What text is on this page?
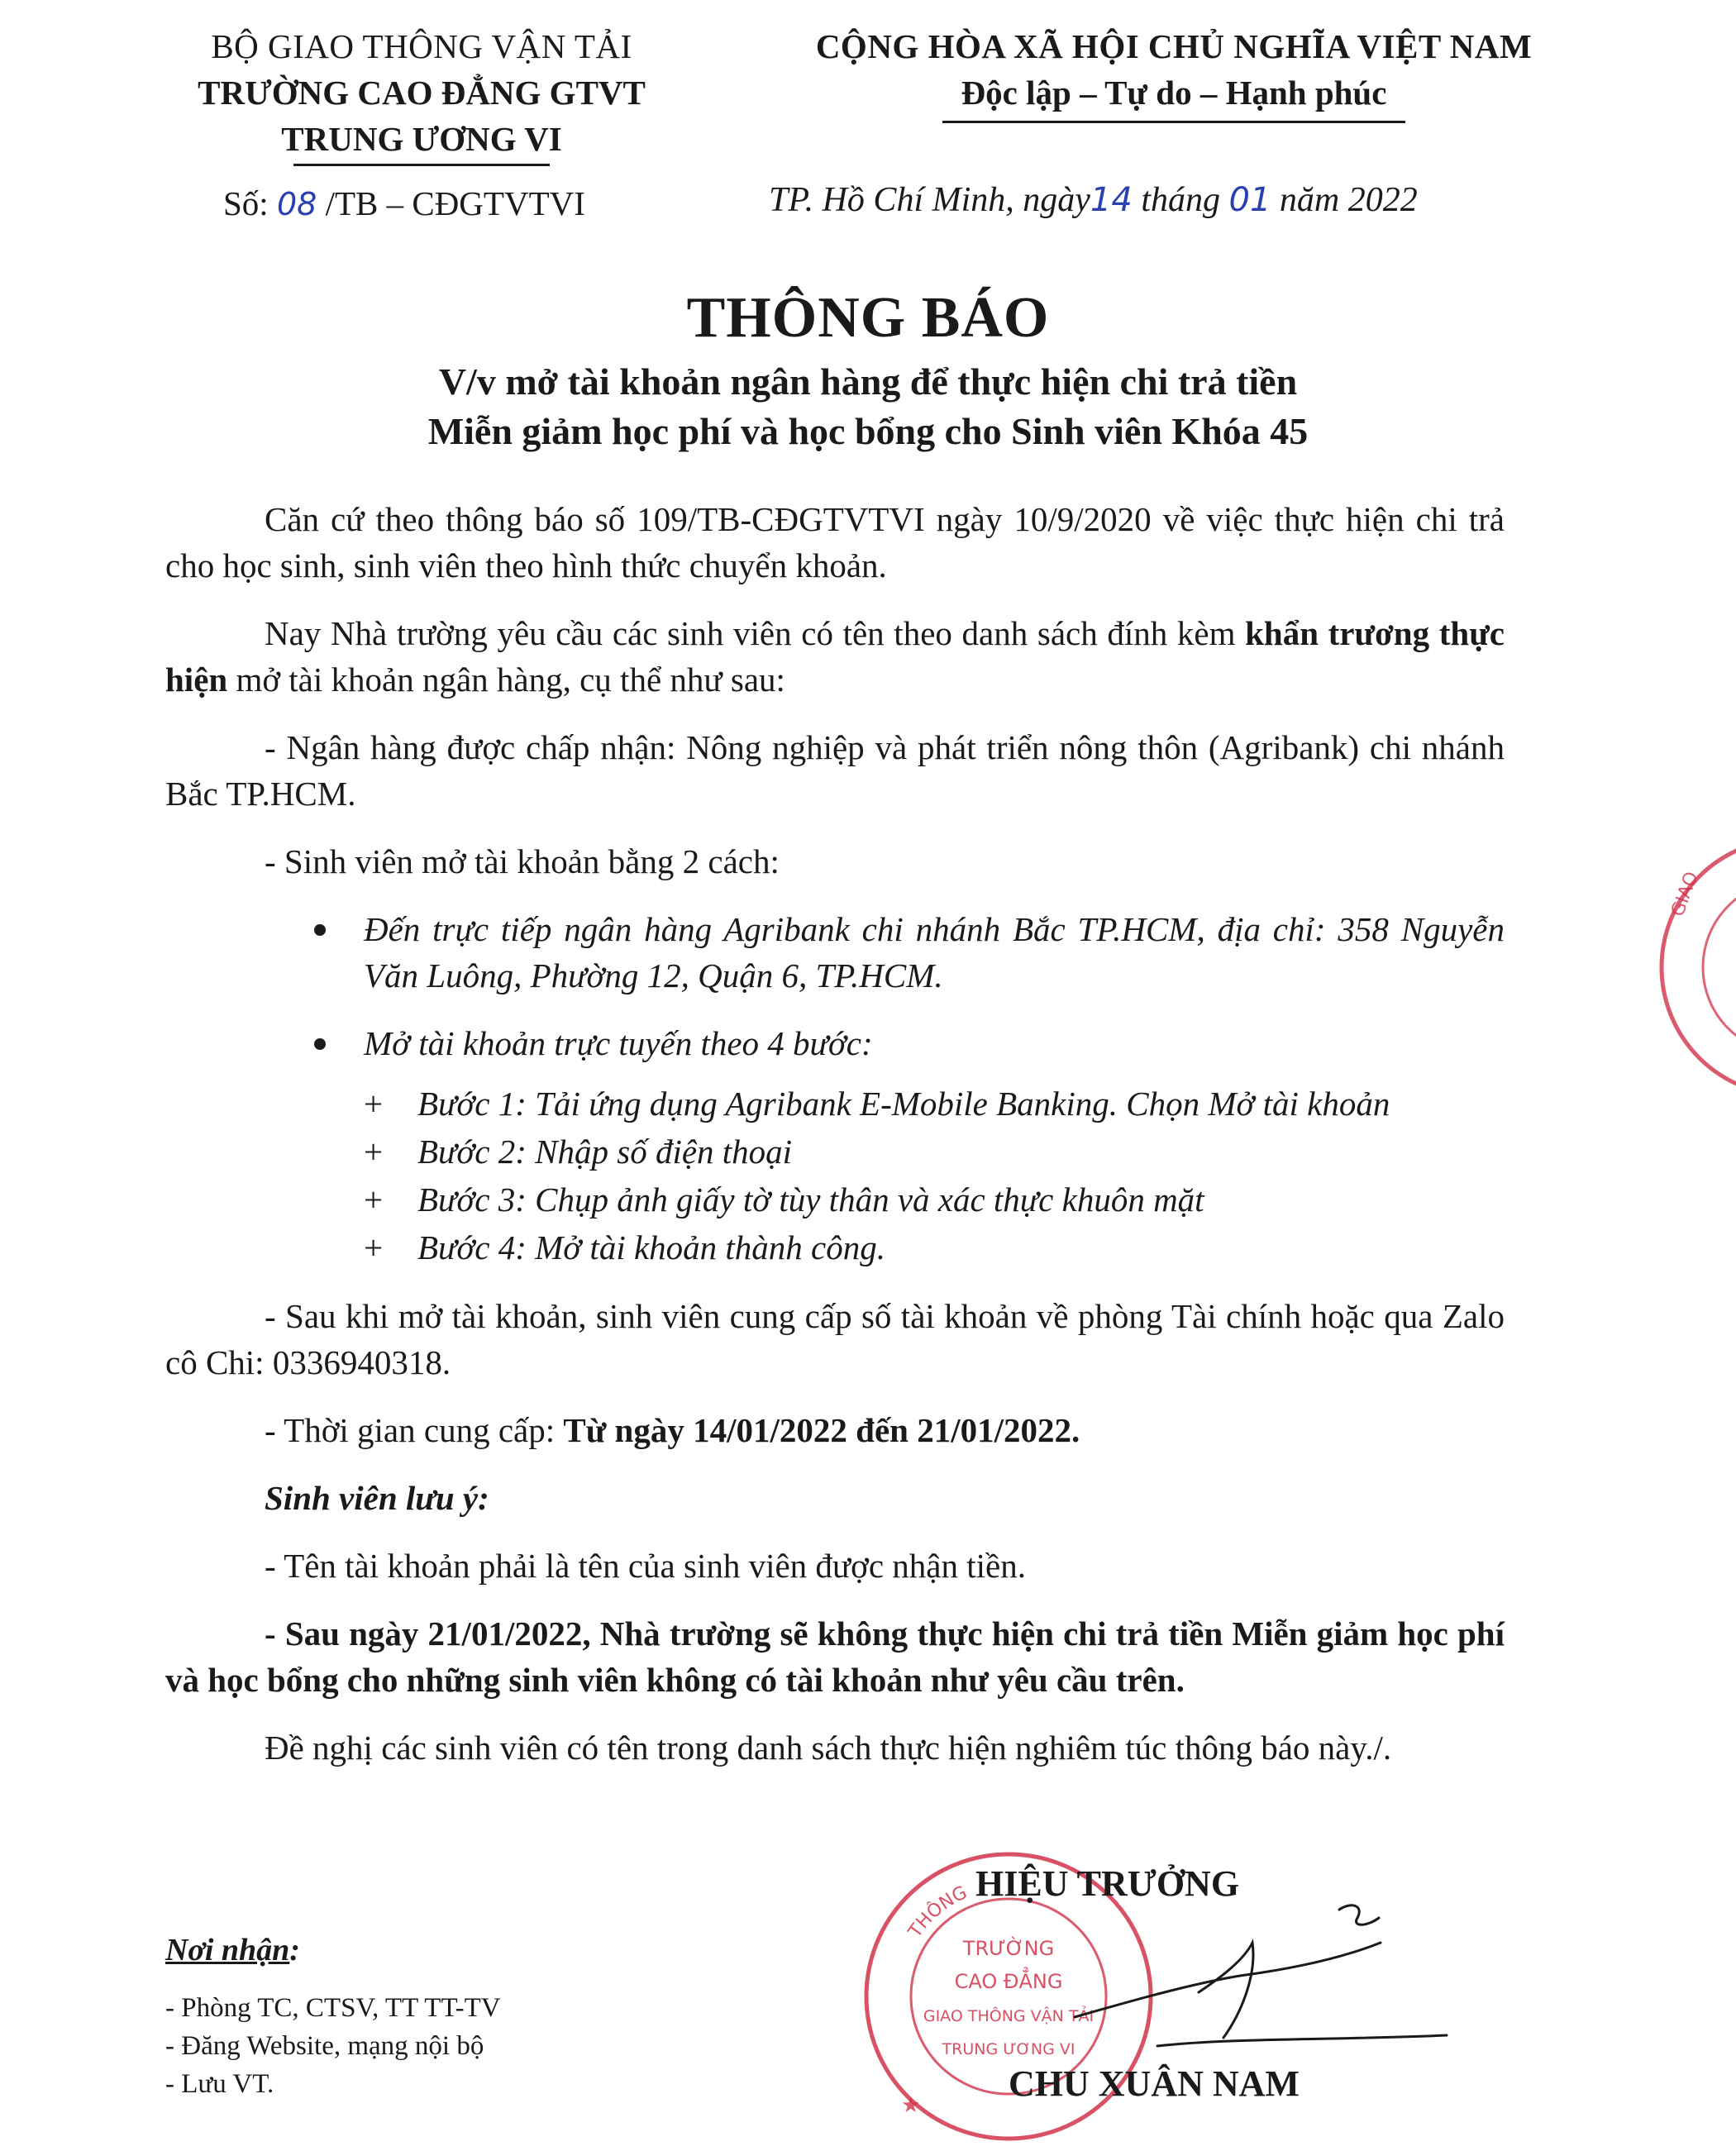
BỘ GIAO THÔNG VẬN TẢI
TRƯỜNG CAO ĐẲNG GTVT
TRUNG ƯƠNG VI
CỘNG HÒA XÃ HỘI CHỦ NGHĨA VIỆT NAM
Độc lập – Tự do – Hạnh phúc
Số: 08 /TB – CĐGTVTVI	TP. Hồ Chí Minh, ngày14 tháng 01 năm 2022
THÔNG BÁO
V/v mở tài khoản ngân hàng để thực hiện chi trả tiền
Miễn giảm học phí và học bổng cho Sinh viên Khóa 45

Căn cứ theo thông báo số 109/TB-CĐGTVTVI ngày 10/9/2020 về việc thực hiện chi trả cho học sinh, sinh viên theo hình thức chuyển khoản.

Nay Nhà trường yêu cầu các sinh viên có tên theo danh sách đính kèm khẩn trương thực hiện mở tài khoản ngân hàng, cụ thể như sau:

- Ngân hàng được chấp nhận: Nông nghiệp và phát triển nông thôn (Agribank) chi nhánh Bắc TP.HCM.

- Sinh viên mở tài khoản bằng 2 cách:

Đến trực tiếp ngân hàng Agribank chi nhánh Bắc TP.HCM, địa chỉ: 358 Nguyễn Văn Luông, Phường 12, Quận 6, TP.HCM.

Mở tài khoản trực tuyến theo 4 bước:

+ Bước 1: Tải ứng dụng Agribank E-Mobile Banking. Chọn Mở tài khoản

+ Bước 2: Nhập số điện thoại

+ Bước 3: Chụp ảnh giấy tờ tùy thân và xác thực khuôn mặt

+ Bước 4: Mở tài khoản thành công.

- Sau khi mở tài khoản, sinh viên cung cấp số tài khoản về phòng Tài chính hoặc qua Zalo cô Chi: 0336940318.

- Thời gian cung cấp: Từ ngày 14/01/2022 đến 21/01/2022.

Sinh viên lưu ý:

- Tên tài khoản phải là tên của sinh viên được nhận tiền.

- Sau ngày 21/01/2022, Nhà trường sẽ không thực hiện chi trả tiền Miễn giảm học phí và học bổng cho những sinh viên không có tài khoản như yêu cầu trên.

Đề nghị các sinh viên có tên trong danh sách thực hiện nghiêm túc thông báo này./.

Nơi nhận:
- Phòng TC, CTSV, TT TT-TV
- Đăng Website, mạng nội bộ
- Lưu VT.
THÔNG
TRƯỜNG
CAO ĐẲNG
GIAO THÔNG VẬN TẢI
TRUNG ƯƠNG VI
★
GIAO
HIỆU TRƯỞNG
CHU XUÂN NAM
